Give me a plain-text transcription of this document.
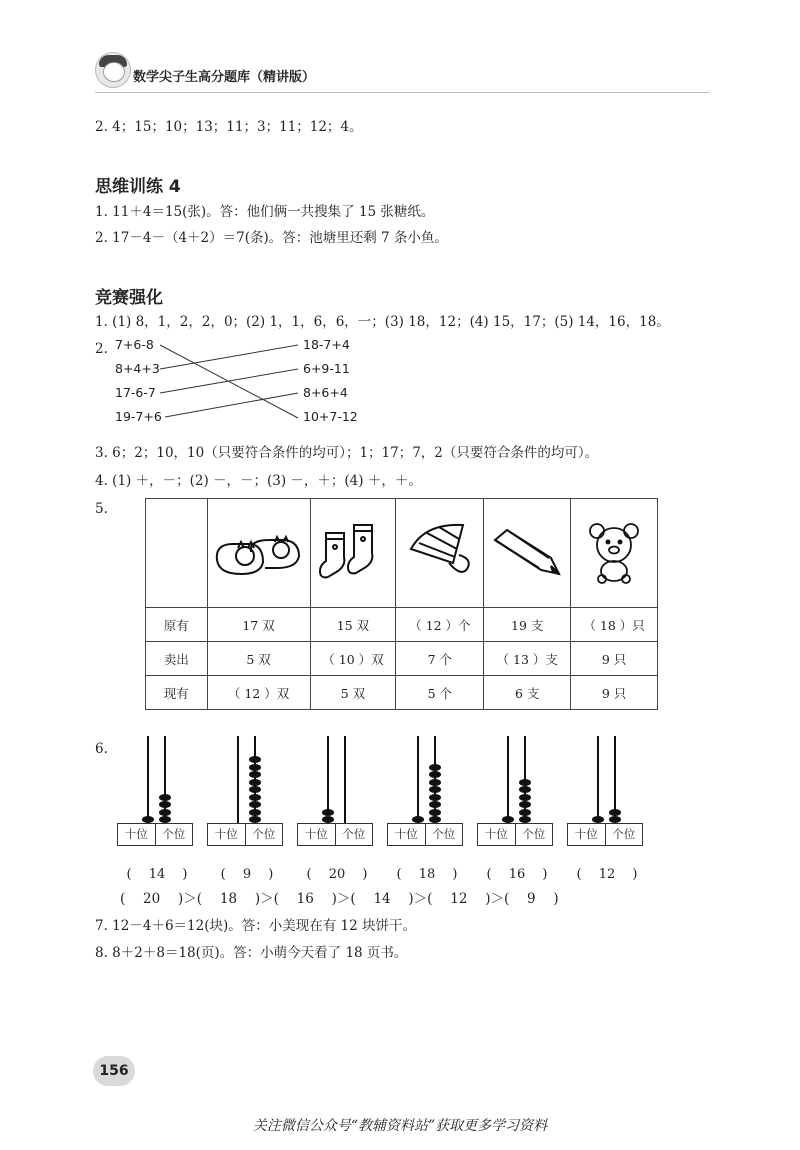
数学尖子生高分题库（精讲版）
2. 4；15；10；13；11；3；11；12；4。
思维训练 4
1. 11＋4＝15(张)。答：他们俩一共搜集了 15 张糖纸。
2. 17－4－（4＋2）＝7(条)。答：池塘里还剩 7 条小鱼。
竞赛强化
1. (1) 8，1，2，2，0；(2) 1，1，6，6，一；(3) 18，12；(4) 15，17；(5) 14，16，18。
2. 7+6-8
8+4+3
17-6-7
19-7+6
18-7+4
6+9-11
8+6+4
10+7-12
3. 6；2；10，10（只要符合条件的均可）；1；17；7，2（只要符合条件的均可）。
4. (1) ＋，－；(2) －，－；(3) －，＋；(4) ＋，＋。
5.

原有	17 双	15 双	（ 12 ）个	19 支	（ 18 ）只
卖出	5 双	（ 10 ）双	7 个	（ 13 ）支	9 只
现有	（ 12 ）双	5 双	5 个	6 支	9 只
6.
十位	个位	十位	个位	十位	个位	十位	个位	十位	个位	十位	个位
(　 14　 )	(　 9　 )	(　 20　 )	(　 18　 )	(　 16　 )	(　 12　 )
(　 20　 )＞(　 18　 )＞(　 16　 )＞(　 14　 )＞(　 12　 )＞(　 9　 )
7. 12－4＋6＝12(块)。答：小美现在有 12 块饼干。
8. 8＋2＋8＝18(页)。答：小萌今天看了 18 页书。
156
关注微信公众号“教辅资料站”获取更多学习资料
